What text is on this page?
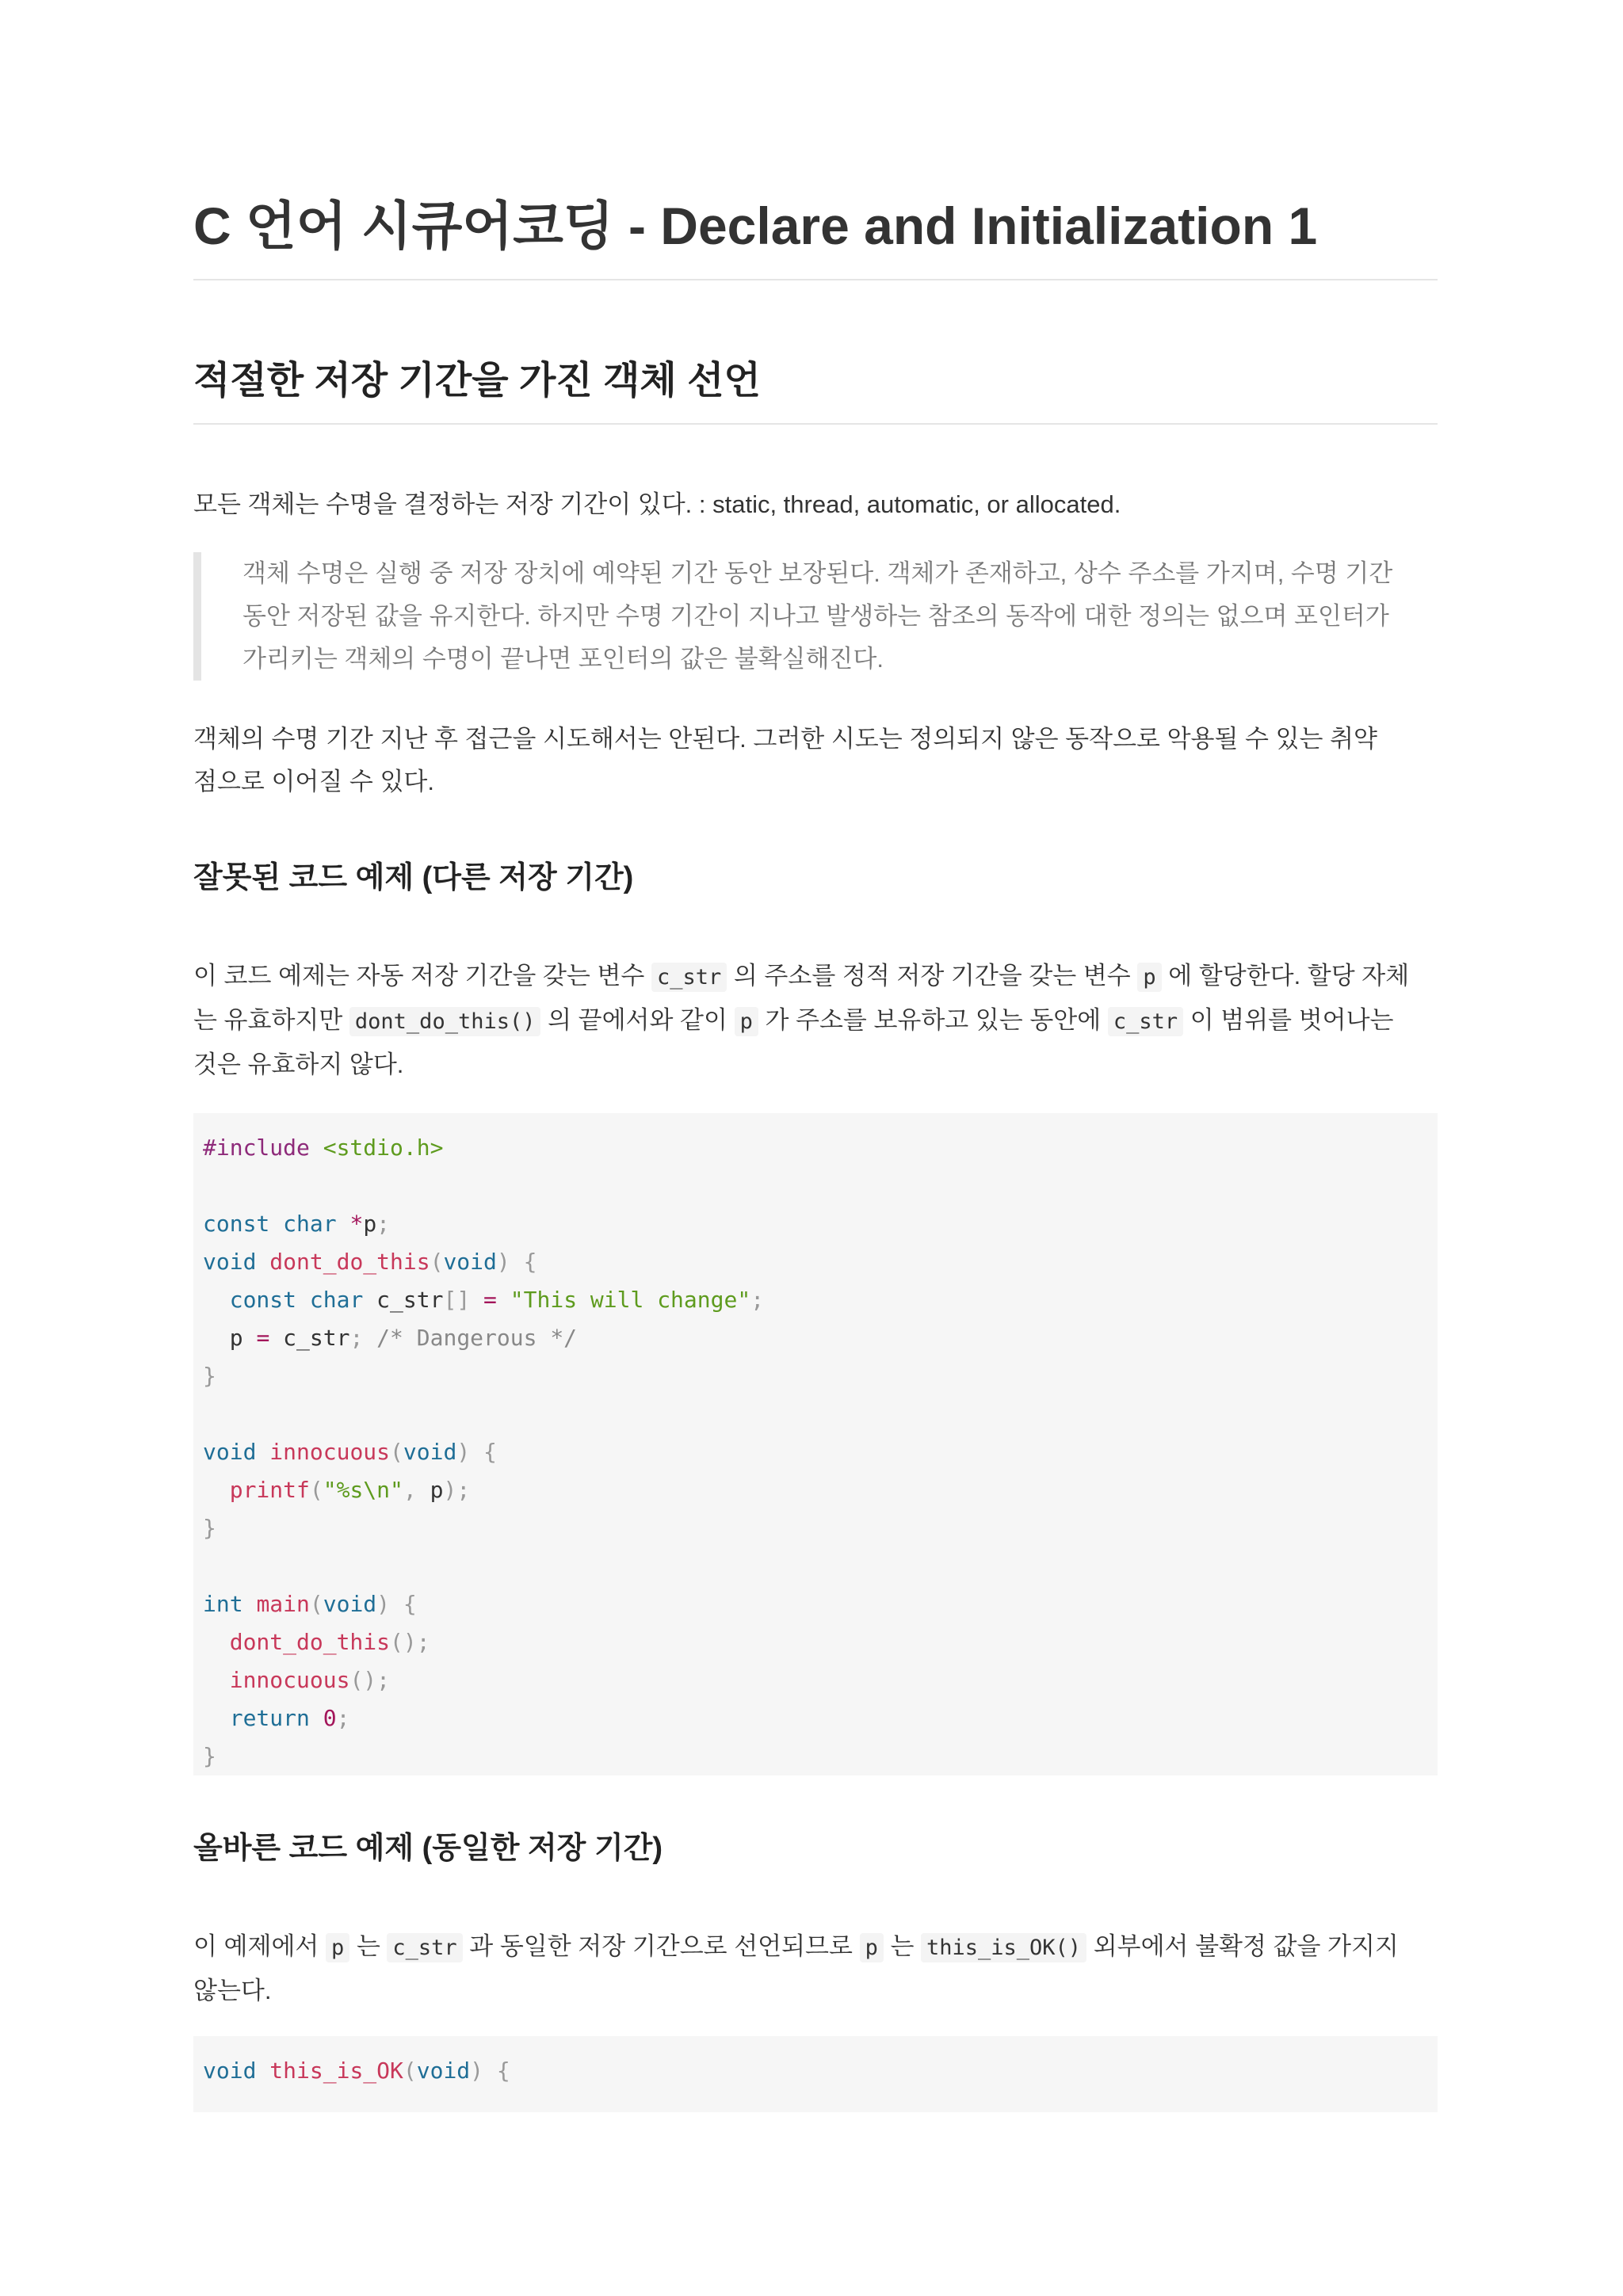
C 언어 시큐어코딩 - Declare and Initialization 1
적절한 저장 기간을 가진 객체 선언

모든 객체는 수명을 결정하는 저장 기간이 있다. : static, thread, automatic, or allocated.

객체 수명은 실행 중 저장 장치에 예약된 기간 동안 보장된다. 객체가 존재하고, 상수 주소를 가지며, 수명 기간
동안 저장된 값을 유지한다. 하지만 수명 기간이 지나고 발생하는 참조의 동작에 대한 정의는 없으며 포인터가
가리키는 객체의 수명이 끝나면 포인터의 값은 불확실해진다.

객체의 수명 기간 지난 후 접근을 시도해서는 안된다. 그러한 시도는 정의되지 않은 동작으로 악용될 수 있는 취약
점으로 이어질 수 있다.

잘못된 코드 예제 (다른 저장 기간)

이 코드 예제는 자동 저장 기간을 갖는 변수 c_str 의 주소를 정적 저장 기간을 갖는 변수 p 에 할당한다. 할당 자체
는 유효하지만 dont_do_this() 의 끝에서와 같이 p 가 주소를 보유하고 있는 동안에 c_str 이 범위를 벗어나는
것은 유효하지 않다.

#include <stdio.h>

const char *p;
void dont_do_this(void) {
const char c_str[] = "This will change";
p = c_str; /* Dangerous */
}

void innocuous(void) {
printf("%s\n", p);
}

int main(void) {
dont_do_this();
innocuous();
return 0;
}
올바른 코드 예제 (동일한 저장 기간)

이 예제에서 p 는 c_str 과 동일한 저장 기간으로 선언되므로 p 는 this_is_OK() 외부에서 불확정 값을 가지지
않는다.

void this_is_OK(void) {
